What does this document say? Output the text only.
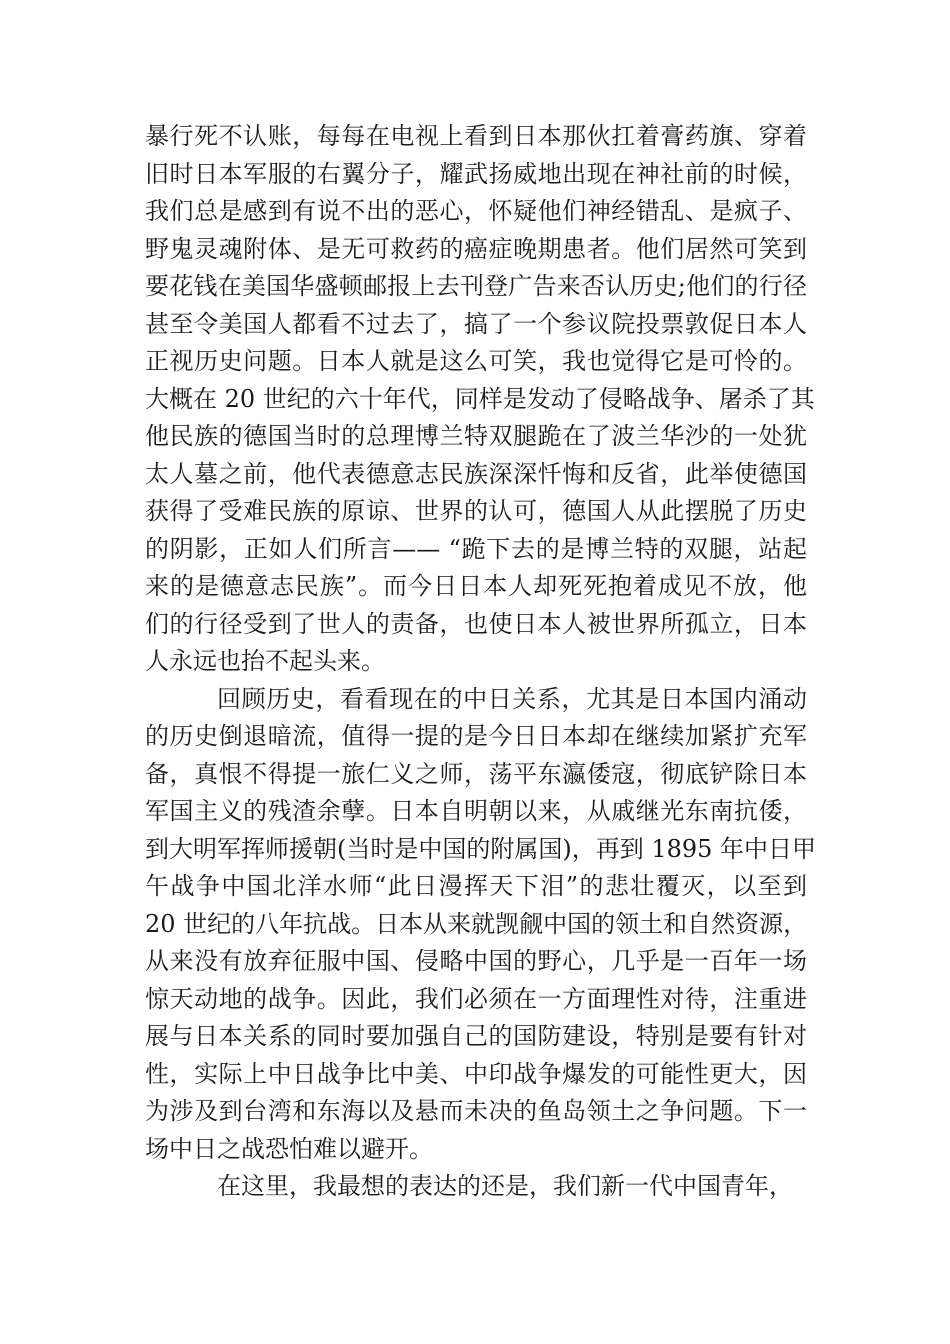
暴行死不认账，每每在电视上看到日本那伙扛着膏药旗、穿着
旧时日本军服的右翼分子，耀武扬威地出现在神社前的时候，
我们总是感到有说不出的恶心，怀疑他们神经错乱、是疯子、
野鬼灵魂附体、是无可救药的癌症晚期患者。他们居然可笑到
要花钱在美国华盛顿邮报上去刊登广告来否认历史;他们的行径
甚至令美国人都看不过去了，搞了一个参议院投票敦促日本人
正视历史问题。日本人就是这么可笑，我也觉得它是可怜的。
大概在 20 世纪的六十年代，同样是发动了侵略战争、屠杀了其
他民族的德国当时的总理博兰特双腿跪在了波兰华沙的一处犹
太人墓之前，他代表德意志民族深深忏悔和反省，此举使德国
获得了受难民族的原谅、世界的认可，德国人从此摆脱了历史
的阴影，正如人们所言—— “跪下去的是博兰特的双腿，站起
来的是德意志民族”。而今日日本人却死死抱着成见不放，他
们的行径受到了世人的责备，也使日本人被世界所孤立，日本
人永远也抬不起头来。
回顾历史，看看现在的中日关系，尤其是日本国内涌动
的历史倒退暗流，值得一提的是今日日本却在继续加紧扩充军
备，真恨不得提一旅仁义之师，荡平东瀛倭寇，彻底铲除日本
军国主义的残渣余孽。日本自明朝以来，从戚继光东南抗倭，
到大明军挥师援朝(当时是中国的附属国)，再到 1895 年中日甲
午战争中国北洋水师“此日漫挥天下泪”的悲壮覆灭，以至到
20 世纪的八年抗战。日本从来就觊觎中国的领土和自然资源，
从来没有放弃征服中国、侵略中国的野心，几乎是一百年一场
惊天动地的战争。因此，我们必须在一方面理性对待，注重进
展与日本关系的同时要加强自己的国防建设，特别是要有针对
性，实际上中日战争比中美、中印战争爆发的可能性更大，因
为涉及到台湾和东海以及悬而未决的鱼岛领土之争问题。下一
场中日之战恐怕难以避开。
在这里，我最想的表达的还是，我们新一代中国青年，
